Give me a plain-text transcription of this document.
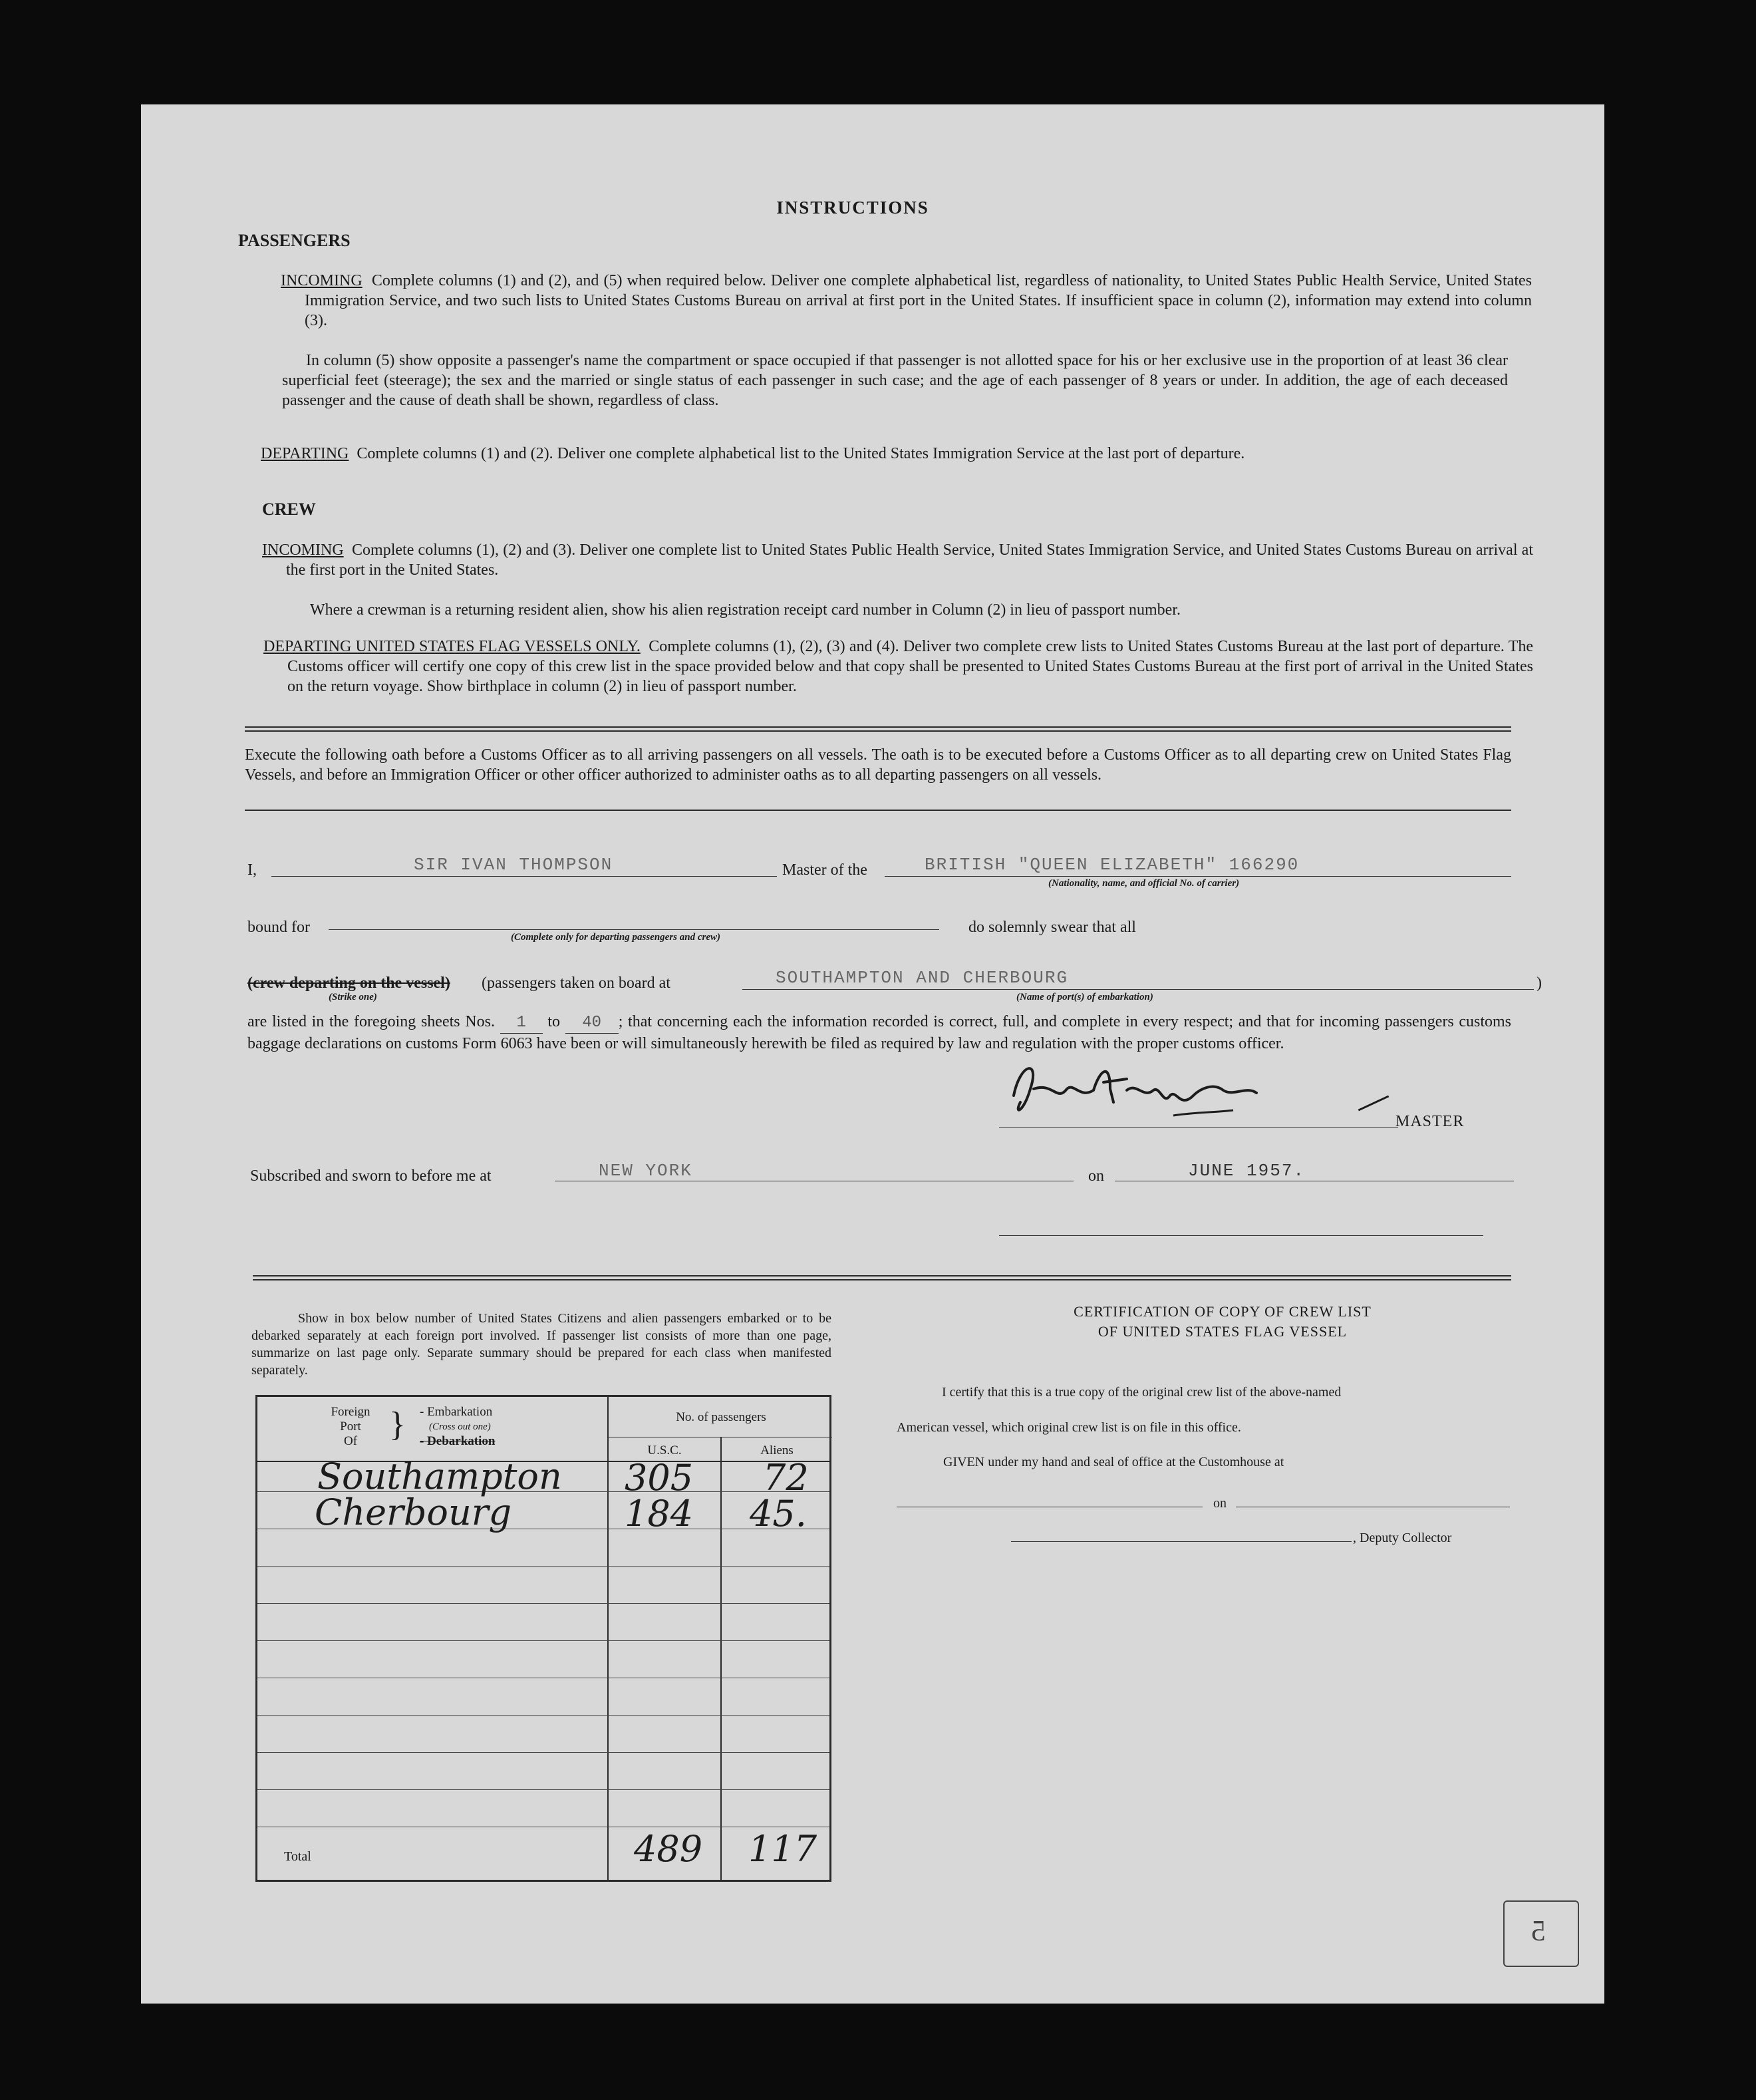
INSTRUCTIONS
PASSENGERS
INCOMING Complete columns (1) and (2), and (5) when required below. Deliver one complete alphabetical list, regardless of nationality, to United States Public Health Service, United States Immigration Service, and two such lists to United States Customs Bureau on arrival at first port in the United States. If insufficient space in column (2), information may extend into column (3).
In column (5) show opposite a passenger's name the compartment or space occupied if that passenger is not allotted space for his or her exclusive use in the proportion of at least 36 clear superficial feet (steerage); the sex and the married or single status of each passenger in such case; and the age of each passenger of 8 years or under. In addition, the age of each deceased passenger and the cause of death shall be shown, regardless of class.
DEPARTING Complete columns (1) and (2). Deliver one complete alphabetical list to the United States Immigration Service at the last port of departure.
CREW
INCOMING Complete columns (1), (2) and (3). Deliver one complete list to United States Public Health Service, United States Immigration Service, and United States Customs Bureau on arrival at the first port in the United States.
Where a crewman is a returning resident alien, show his alien registration receipt card number in Column (2) in lieu of passport number.
DEPARTING UNITED STATES FLAG VESSELS ONLY. Complete columns (1), (2), (3) and (4). Deliver two complete crew lists to United States Customs Bureau at the last port of departure. The Customs officer will certify one copy of this crew list in the space provided below and that copy shall be presented to United States Customs Bureau at the first port of arrival in the United States on the return voyage. Show birthplace in column (2) in lieu of passport number.
Execute the following oath before a Customs Officer as to all arriving passengers on all vessels. The oath is to be executed before a Customs Officer as to all departing crew on United States Flag Vessels, and before an Immigration Officer or other officer authorized to administer oaths as to all departing passengers on all vessels.
I,	SIR IVAN THOMPSON	Master of the	BRITISH "QUEEN ELIZABETH" 166290
(Nationality, name, and official No. of carrier)
bound for
(Complete only for departing passengers and crew)
do solemnly swear that all
(crew departing on the vessel)
(Strike one)
(passengers taken on board at	SOUTHAMPTON AND CHERBOURG
(Name of port(s) of embarkation)
)
are listed in the foregoing sheets Nos. 1 to 40 ; that concerning each the information recorded is correct, full, and complete in every respect; and that for incoming passengers customs baggage declarations on customs Form 6063 have been or will simultaneously herewith be filed as required by law and regulation with the proper customs officer.
MASTER
Subscribed and sworn to before me at	NEW YORK	on	JUNE 1957.
Show in box below number of United States Citizens and alien passengers embarked or to be debarked separately at each foreign port involved. If passenger list consists of more than one page, summarize on last page only. Separate summary should be prepared for each class when manifested separately.
Foreign
Port
Of } - Embarkation
(Cross out one)
- Debarkation
No. of passengers
U.S.C.	Aliens
Southampton 305 72
Cherbourg	184 45.
Total	489 117
CERTIFICATION OF COPY OF CREW LIST
OF UNITED STATES FLAG VESSEL
I certify that this is a true copy of the original crew list of the above-named
American vessel, which original crew list is on file in this office.
GIVEN under my hand and seal of office at the Customhouse at
on
, Deputy Collector
5
